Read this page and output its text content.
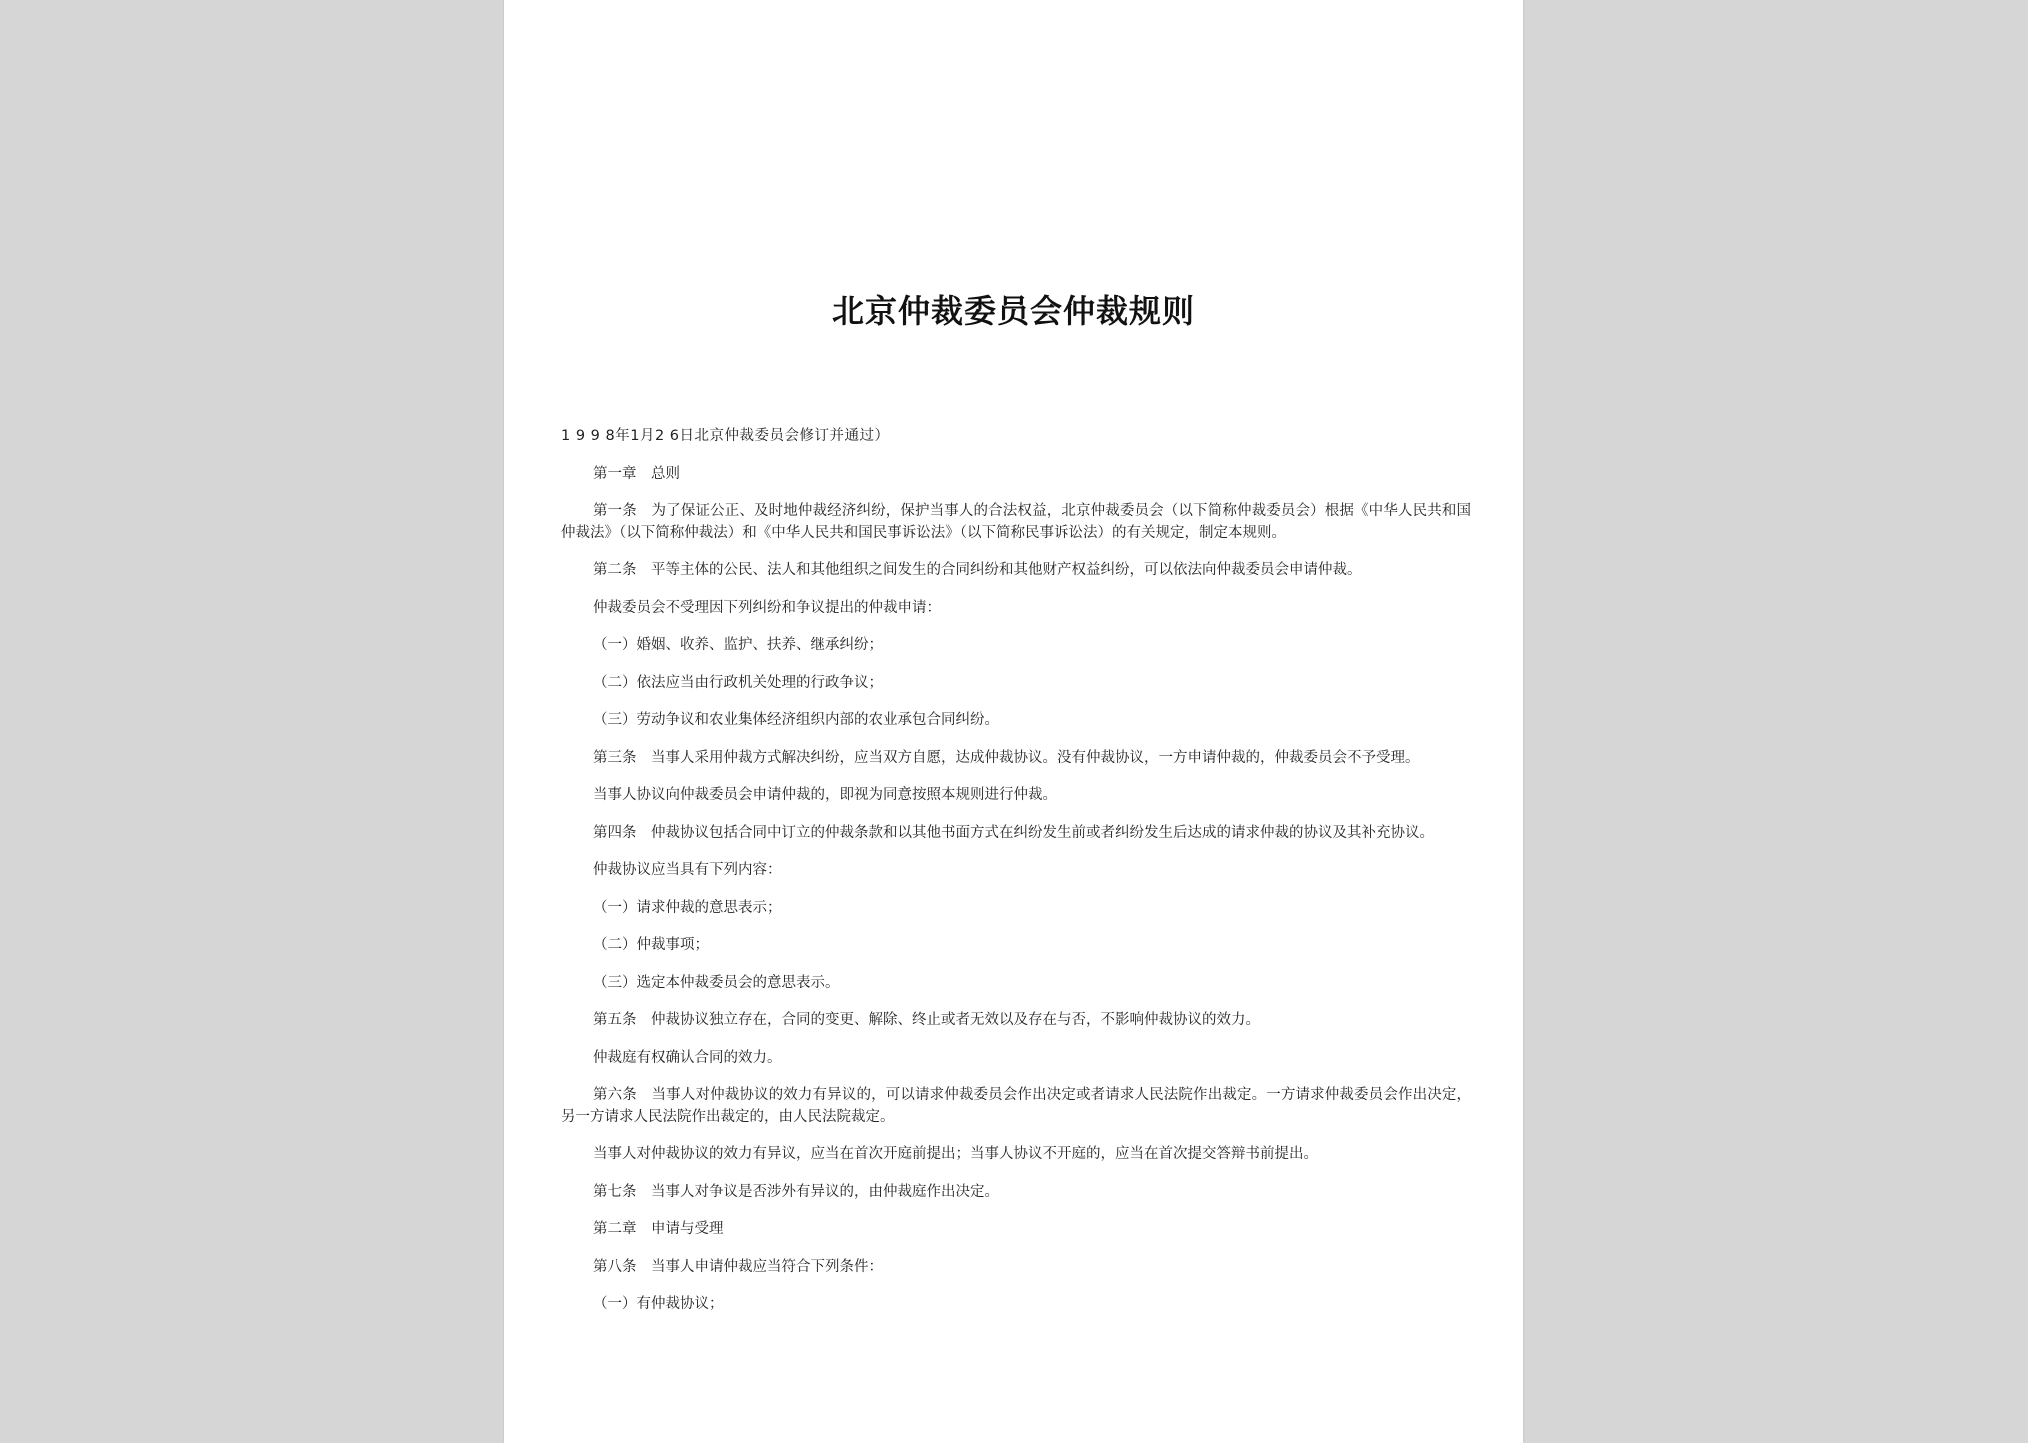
北京仲裁委员会仲裁规则

1 9 9 8年1月2 6日北京仲裁委员会修订并通过）

第一章　总则

第一条　为了保证公正、及时地仲裁经济纠纷，保护当事人的合法权益，北京仲裁委员会（以下简称仲裁委员会）根据《中华人民共和国仲裁法》（以下简称仲裁法）和《中华人民共和国民事诉讼法》（以下简称民事诉讼法）的有关规定，制定本规则。

第二条　平等主体的公民、法人和其他组织之间发生的合同纠纷和其他财产权益纠纷，可以依法向仲裁委员会申请仲裁。

仲裁委员会不受理因下列纠纷和争议提出的仲裁申请：

（一）婚姻、收养、监护、扶养、继承纠纷；

（二）依法应当由行政机关处理的行政争议；

（三）劳动争议和农业集体经济组织内部的农业承包合同纠纷。

第三条　当事人采用仲裁方式解决纠纷，应当双方自愿，达成仲裁协议。没有仲裁协议，一方申请仲裁的，仲裁委员会不予受理。

当事人协议向仲裁委员会申请仲裁的，即视为同意按照本规则进行仲裁。

第四条　仲裁协议包括合同中订立的仲裁条款和以其他书面方式在纠纷发生前或者纠纷发生后达成的请求仲裁的协议及其补充协议。

仲裁协议应当具有下列内容：

（一）请求仲裁的意思表示；

（二）仲裁事项；

（三）选定本仲裁委员会的意思表示。

第五条　仲裁协议独立存在，合同的变更、解除、终止或者无效以及存在与否，不影响仲裁协议的效力。

仲裁庭有权确认合同的效力。

第六条　当事人对仲裁协议的效力有异议的，可以请求仲裁委员会作出决定或者请求人民法院作出裁定。一方请求仲裁委员会作出决定，另一方请求人民法院作出裁定的，由人民法院裁定。

当事人对仲裁协议的效力有异议，应当在首次开庭前提出；当事人协议不开庭的，应当在首次提交答辩书前提出。

第七条　当事人对争议是否涉外有异议的，由仲裁庭作出决定。

第二章　申请与受理

第八条　当事人申请仲裁应当符合下列条件：

（一）有仲裁协议；
